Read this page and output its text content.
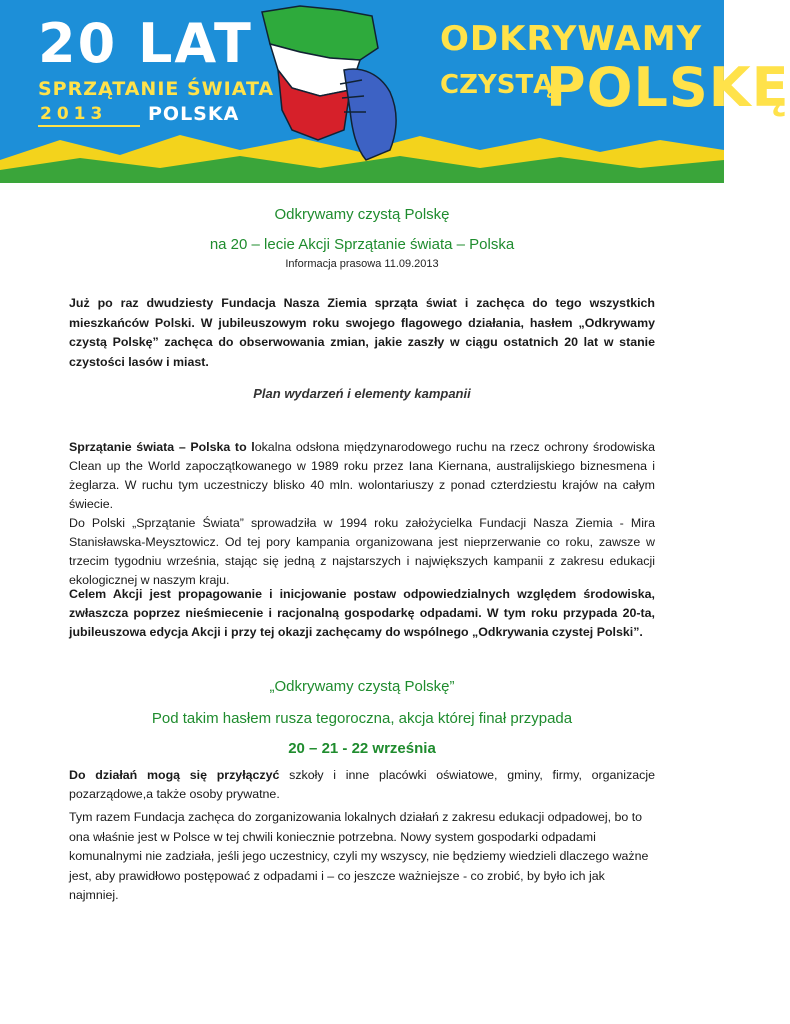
20 LAT
SPRZĄTANIE ŚWIATA
2013 POLSKA
ODKRYWAMY
CZYSTĄ
POLSKĘ
Odkrywamy czystą Polskę
na 20 – lecie Akcji Sprzątanie świata – Polska
Informacja prasowa 11.09.2013

Już po raz dwudziesty Fundacja Nasza Ziemia sprząta świat i zachęca do tego wszystkich mieszkańców Polski. W jubileuszowym roku swojego flagowego działania, hasłem „Odkrywamy czystą Polskę” zachęca do obserwowania zmian, jakie zaszły w ciągu ostatnich 20 lat w stanie czystości lasów i miast.

Plan wydarzeń i elementy kampanii
Sprzątanie świata – Polska to lokalna odsłona międzynarodowego ruchu na rzecz ochrony środowiska Clean up the World zapoczątkowanego w 1989 roku przez Iana Kiernana, australijskiego biznesmena i żeglarza. W ruchu tym uczestniczy blisko 40 mln. wolontariuszy z ponad czterdziestu krajów na całym świecie.
Do Polski „Sprzątanie Świata” sprowadziła w 1994 roku założycielka Fundacji Nasza Ziemia - Mira Stanisławska-Meysztowicz. Od tej pory kampania organizowana jest nieprzerwanie co roku, zawsze w trzecim tygodniu września, stając się jedną z najstarszych i największych kampanii z zakresu edukacji ekologicznej w naszym kraju.

Celem Akcji jest propagowanie i inicjowanie postaw odpowiedzialnych względem środowiska, zwłaszcza poprzez nieśmiecenie i racjonalną gospodarkę odpadami. W tym roku przypada 20-ta, jubileuszowa edycja Akcji i przy tej okazji zachęcamy do wspólnego „Odkrywania czystej Polski”.

„Odkrywamy czystą Polskę”
Pod takim hasłem rusza tegoroczna, akcja której finał przypada
20 – 21 - 22 września
Do działań mogą się przyłączyć szkoły i inne placówki oświatowe, gminy, firmy, organizacje pozarządowe,a także osoby prywatne.

Tym razem Fundacja zachęca do zorganizowania lokalnych działań z zakresu edukacji odpadowej, bo to ona właśnie jest w Polsce w tej chwili koniecznie potrzebna. Nowy system gospodarki odpadami komunalnymi nie zadziała, jeśli jego uczestnicy, czyli my wszyscy, nie będziemy wiedzieli dlaczego ważne jest, aby prawidłowo postępować z odpadami i – co jeszcze ważniejsze - co zrobić, by było ich jak najmniej.
